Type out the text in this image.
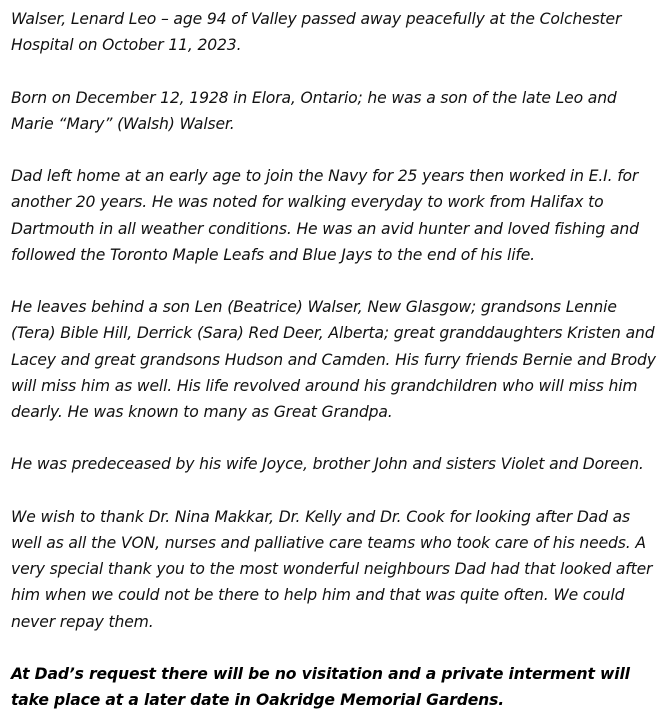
Walser, Lenard Leo – age 94 of Valley passed away peacefully at the Colchester Hospital on October 11, 2023.

Born on December 12, 1928 in Elora, Ontario; he was a son of the late Leo and Marie “Mary” (Walsh) Walser.

Dad left home at an early age to join the Navy for 25 years then worked in E.I. for another 20 years. He was noted for walking everyday to work from Halifax to Dartmouth in all weather conditions. He was an avid hunter and loved fishing and followed the Toronto Maple Leafs and Blue Jays to the end of his life.

He leaves behind a son Len (Beatrice) Walser, New Glasgow; grandsons Lennie (Tera) Bible Hill, Derrick (Sara) Red Deer, Alberta; great granddaughters Kristen and Lacey and great grandsons Hudson and Camden. His furry friends Bernie and Brody will miss him as well. His life revolved around his grandchildren who will miss him dearly. He was known to many as Great Grandpa.

He was predeceased by his wife Joyce, brother John and sisters Violet and Doreen.

We wish to thank Dr. Nina Makkar, Dr. Kelly and Dr. Cook for looking after Dad as well as all the VON, nurses and palliative care teams who took care of his needs. A very special thank you to the most wonderful neighbours Dad had that looked after him when we could not be there to help him and that was quite often. We could never repay them.

At Dad’s request there will be no visitation and a private interment will take place at a later date in Oakridge Memorial Gardens.
